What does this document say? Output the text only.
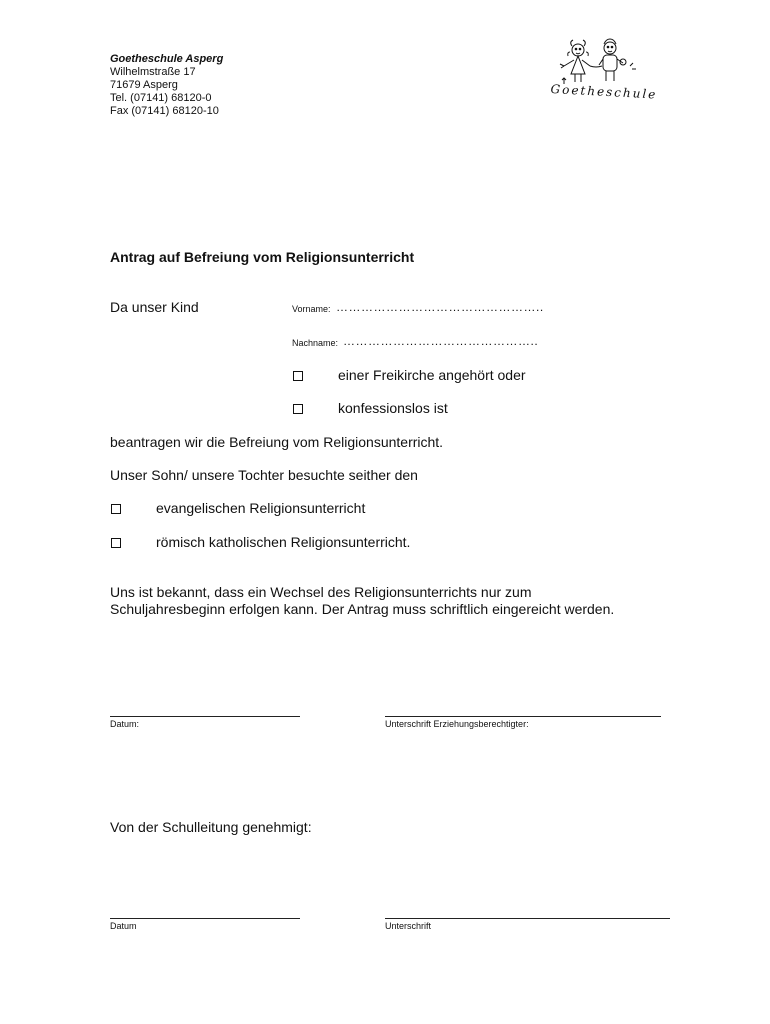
Goetheschule Asperg
Wilhelmstraße 17
71679 Asperg
Tel. (07141) 68120-0
Fax (07141) 68120-10
Goetheschule
Antrag auf Befreiung vom Religionsunterricht
Da unser Kind	Vorname: …………………………………………..
Nachname: ………………………………………..
einer Freikirche angehört oder
konfessionslos ist
beantragen wir die Befreiung vom Religionsunterricht.
Unser Sohn/ unsere Tochter besuchte seither den
evangelischen Religionsunterricht
römisch katholischen Religionsunterricht.
Uns ist bekannt, dass ein Wechsel des Religionsunterrichts nur zum
Schuljahresbeginn erfolgen kann. Der Antrag muss schriftlich eingereicht werden.
Datum:	Unterschrift Erziehungsberechtigter:
Von der Schulleitung genehmigt:
Datum	Unterschrift
